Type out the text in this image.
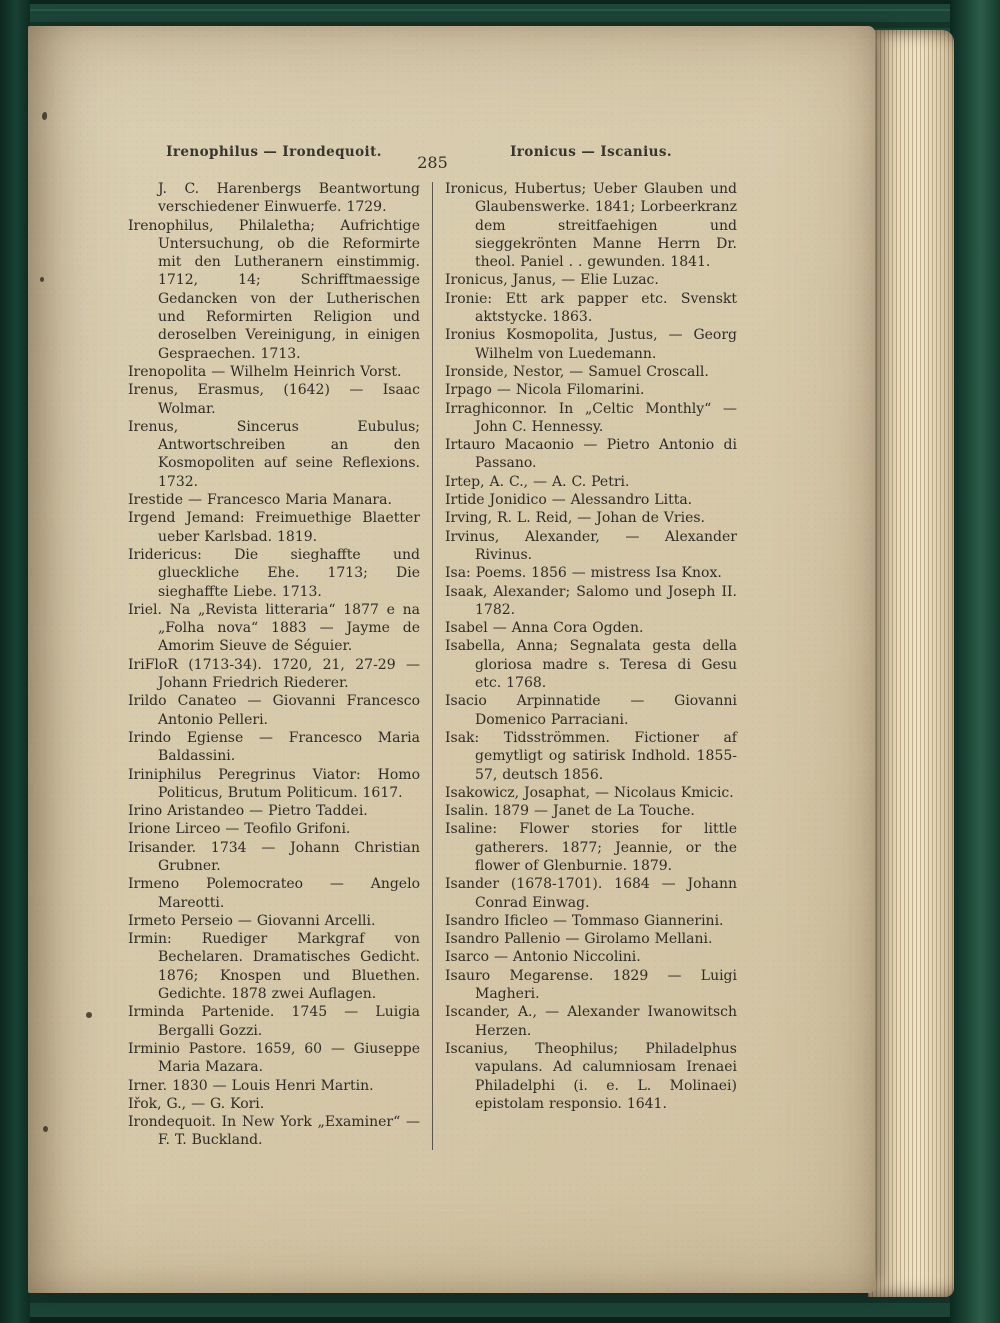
Irenophilus — Irondequoit.
285
Ironicus — Iscanius.

J. C. Harenbergs Beantwortung verschiedener Einwuerfe. 1729.

Irenophilus, Philaletha; Aufrichtige Untersuchung, ob die Reformirte mit den Lutheranern einstimmig. 1712, 14; Schrifftmaessige Gedancken von der Lutherischen und Reformirten Religion und deroselben Vereinigung, in einigen Gespraechen. 1713.

Irenopolita — Wilhelm Heinrich Vorst.

Irenus, Erasmus, (1642) — Isaac Wolmar.

Irenus, Sincerus Eubulus; Antwortschreiben an den Kosmopoliten auf seine Reflexions. 1732.

Irestide — Francesco Maria Manara.

Irgend Jemand: Freimuethige Blaetter ueber Karlsbad. 1819.

Iridericus: Die sieghaffte und glueckliche Ehe. 1713; Die sieghaffte Liebe. 1713.

Iriel. Na „Revista litteraria“ 1877 e na „Folha nova“ 1883 — Jayme de Amorim Sieuve de Séguier.

IriFloR (1713-34). 1720, 21, 27-29 — Johann Friedrich Riederer.

Irildo Canateo — Giovanni Francesco Antonio Pelleri.

Irindo Egiense — Francesco Maria Baldassini.

Iriniphilus Peregrinus Viator: Homo Politicus, Brutum Politicum. 1617.

Irino Aristandeo — Pietro Taddei.

Irione Lirceo — Teofilo Grifoni.

Irisander. 1734 — Johann Christian Grubner.

Irmeno Polemocrateo — Angelo Mareotti.

Irmeto Perseio — Giovanni Arcelli.

Irmin: Ruediger Markgraf von Bechelaren. Dramatisches Gedicht. 1876; Knospen und Bluethen. Gedichte. 1878 zwei Auflagen.

Irminda Partenide. 1745 — Luigia Bergalli Gozzi.

Irminio Pastore. 1659, 60 — Giuseppe Maria Mazara.

Irner. 1830 — Louis Henri Martin.

Iřok, G., — G. Kori.

Irondequoit. In New York „Examiner“ — F. T. Buckland.

Ironicus, Hubertus; Ueber Glauben und Glaubenswerke. 1841; Lorbeerkranz dem streitfaehigen und sieggekrönten Manne Herrn Dr. theol. Paniel . . gewunden. 1841.

Ironicus, Janus, — Elie Luzac.

Ironie: Ett ark papper etc. Svenskt aktstycke. 1863.

Ironius Kosmopolita, Justus, — Georg Wilhelm von Luedemann.

Ironside, Nestor, — Samuel Croscall.

Irpago — Nicola Filomarini.

Irraghiconnor. In „Celtic Monthly“ — John C. Hennessy.

Irtauro Macaonio — Pietro Antonio di Passano.

Irtep, A. C., — A. C. Petri.

Irtide Jonidico — Alessandro Litta.

Irving, R. L. Reid, — Johan de Vries.

Irvinus, Alexander, — Alexander Rivinus.

Isa: Poems. 1856 — mistress Isa Knox.

Isaak, Alexander; Salomo und Joseph II. 1782.

Isabel — Anna Cora Ogden.

Isabella, Anna; Segnalata gesta della gloriosa madre s. Teresa di Gesu etc. 1768.

Isacio Arpinnatide — Giovanni Domenico Parraciani.

Isak: Tidsströmmen. Fictioner af gemytligt og satirisk Indhold. 1855-57, deutsch 1856.

Isakowicz, Josaphat, — Nicolaus Kmicic.

Isalin. 1879 — Janet de La Touche.

Isaline: Flower stories for little gatherers. 1877; Jeannie, or the flower of Glenburnie. 1879.

Isander (1678-1701). 1684 — Johann Conrad Einwag.

Isandro Ificleo — Tommaso Giannerini.

Isandro Pallenio — Girolamo Mellani.

Isarco — Antonio Niccolini.

Isauro Megarense. 1829 — Luigi Magheri.

Iscander, A., — Alexander Iwanowitsch Herzen.

Iscanius, Theophilus; Philadelphus vapulans. Ad calumniosam Irenaei Philadelphi (i. e. L. Molinaei) epistolam responsio. 1641.
